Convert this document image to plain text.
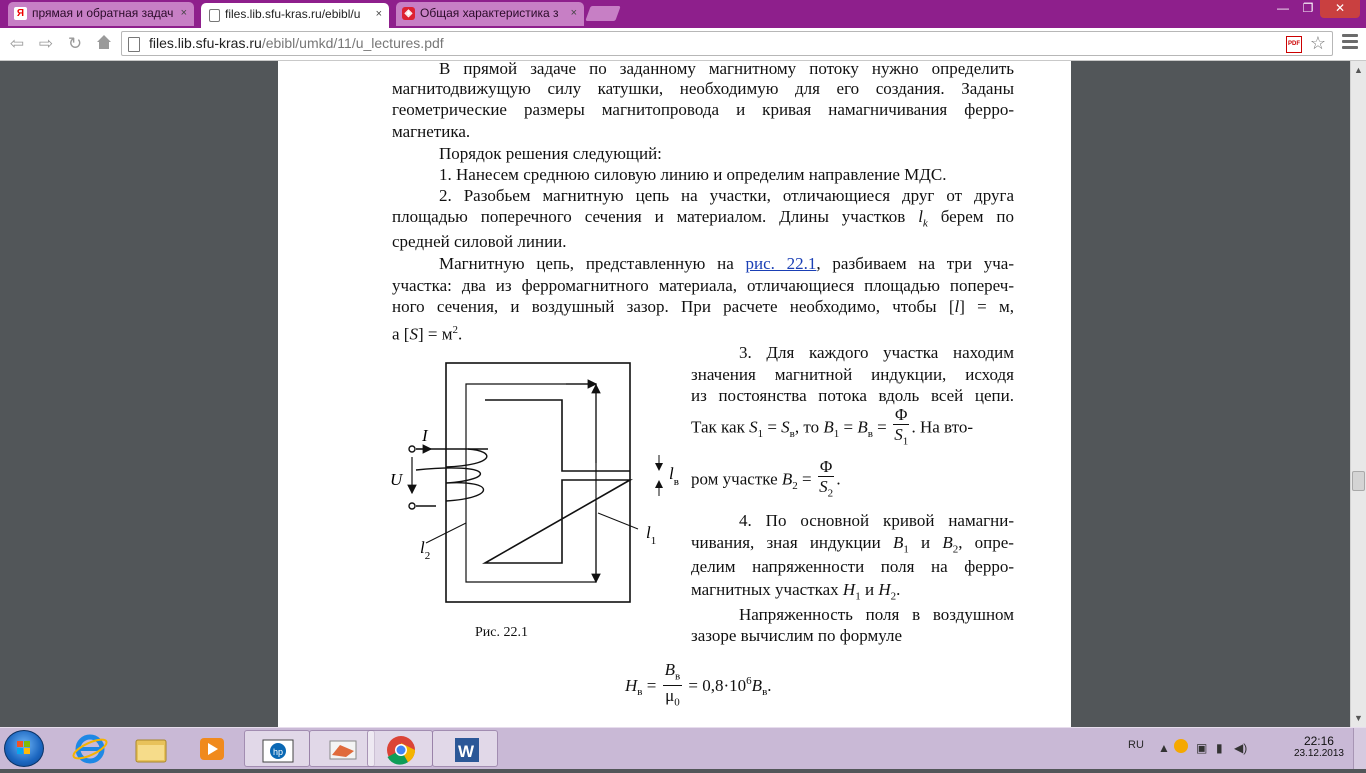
Я прямая и обратная задач ×	files.lib.sfu-kras.ru/ebibl/u × ◈ Общая характеристика з ×	—	❐	✕
⇦ ⇨ ↻	files.lib.sfu-kras.ru/ebibl/umkd/11/u_lectures.pdf	PDF ☆
В прямой задаче по заданному магнитному потоку нужно определить
магнитодвижущую силу катушки, необходимую для его создания. Заданы
геометрические размеры магнитопровода и кривая намагничивания ферро-
магнетика.
Порядок решения следующий:
1. Нанесем среднюю силовую линию и определим направление МДС.
2. Разобьем магнитную цепь на участки, отличающиеся друг от друга
площадью поперечного сечения и материалом. Длины участков $l_k$ берем по
средней силовой линии.
Магнитную цепь, представленную на рис. 22.1, разбиваем на три уча-
участка: два из ферромагнитного материала, отличающиеся площадью попереч-
ного сечения, и воздушный зазор. При расчете необходимо, чтобы [l] = м,
а $[S] = м^2$.
I
U	$l_в$
$l_1$
$l_2$
Рис. 22.1
3. Для каждого участка находим
значения магнитной индукции, исходя
из постоянства потока вдоль всей цепи.
Так как $S_1 = S_в$, то $B_1 = B_в = \frac{\Phi}{S_1}$ . На вто-
ром участке $B_2 = \frac{\Phi}{S_2}$ .
4. По основной кривой намагни-
чивания, зная индукции $B_1$ и $B_2$, опре-
делим напряженности поля на ферро-
магнитных участках $H_1$ и $H_2$.
Напряженность поля в воздушном
зазоре вычислим по формуле
$H_в = \frac{B_в}{\mu_0} = 0,8\cdot 10^6B_в$.
▲
▼
hp	W	RU ▲ ▣ ▮ ◀)	22:16
23.12.2013
